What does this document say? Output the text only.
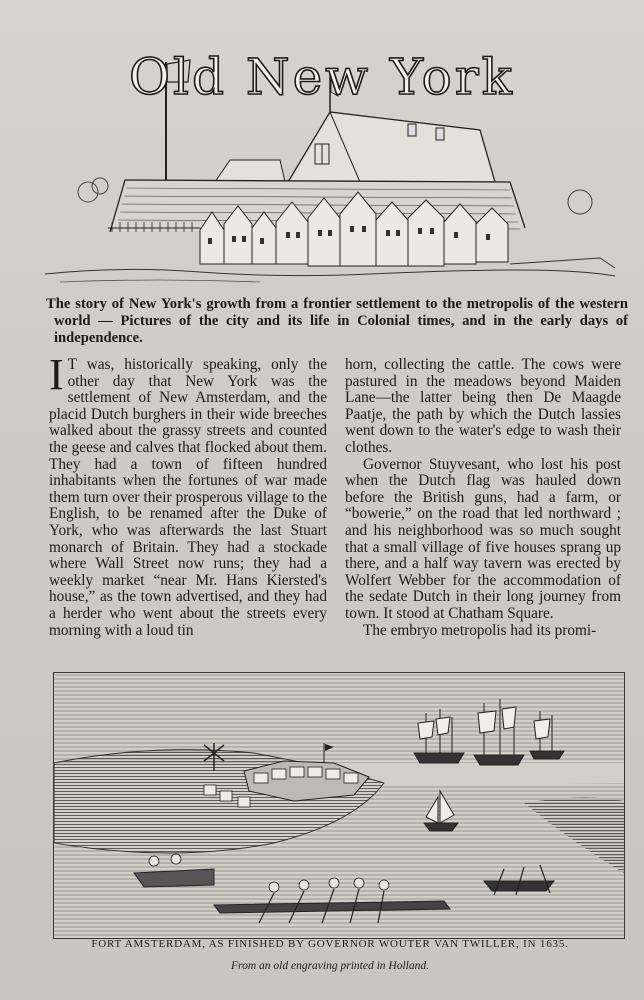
Old New York
The story of New York's growth from a frontier settlement to the metropolis of the western world — Pictures of the city and its life in Colonial times, and in the early days of independence.
I T was, historically speaking, only the other day that New York was the settlement of New Amsterdam, and the placid Dutch burghers in their wide breeches walked about the grassy streets and counted the geese and calves that flocked about them. They had a town of fifteen hundred inhabitants when the fortunes of war made them turn over their prosperous village to the English, to be renamed after the Duke of York, who was afterwards the last Stuart monarch of Britain. They had a stockade where Wall Street now runs; they had a weekly market “near Mr. Hans Kiersted's house,” as the town advertised, and they had a herder who went about the streets every morning with a loud tin

horn, collecting the cattle. The cows were pastured in the meadows beyond Maiden Lane—the latter being then De Maagde Paatje, the path by which the Dutch lassies went down to the water's edge to wash their clothes.

Governor Stuyvesant, who lost his post when the Dutch flag was hauled down before the British guns, had a farm, or “bowerie,” on the road that led northward ; and his neighborhood was so much sought that a small village of five houses sprang up there, and a half way tavern was erected by Wolfert Webber for the accommodation of the sedate Dutch in their long journey from town. It stood at Chatham Square.

The embryo metropolis had its promi-

FORT AMSTERDAM, AS FINISHED BY GOVERNOR WOUTER VAN TWILLER, IN 1635.
From an old engraving printed in Holland.
